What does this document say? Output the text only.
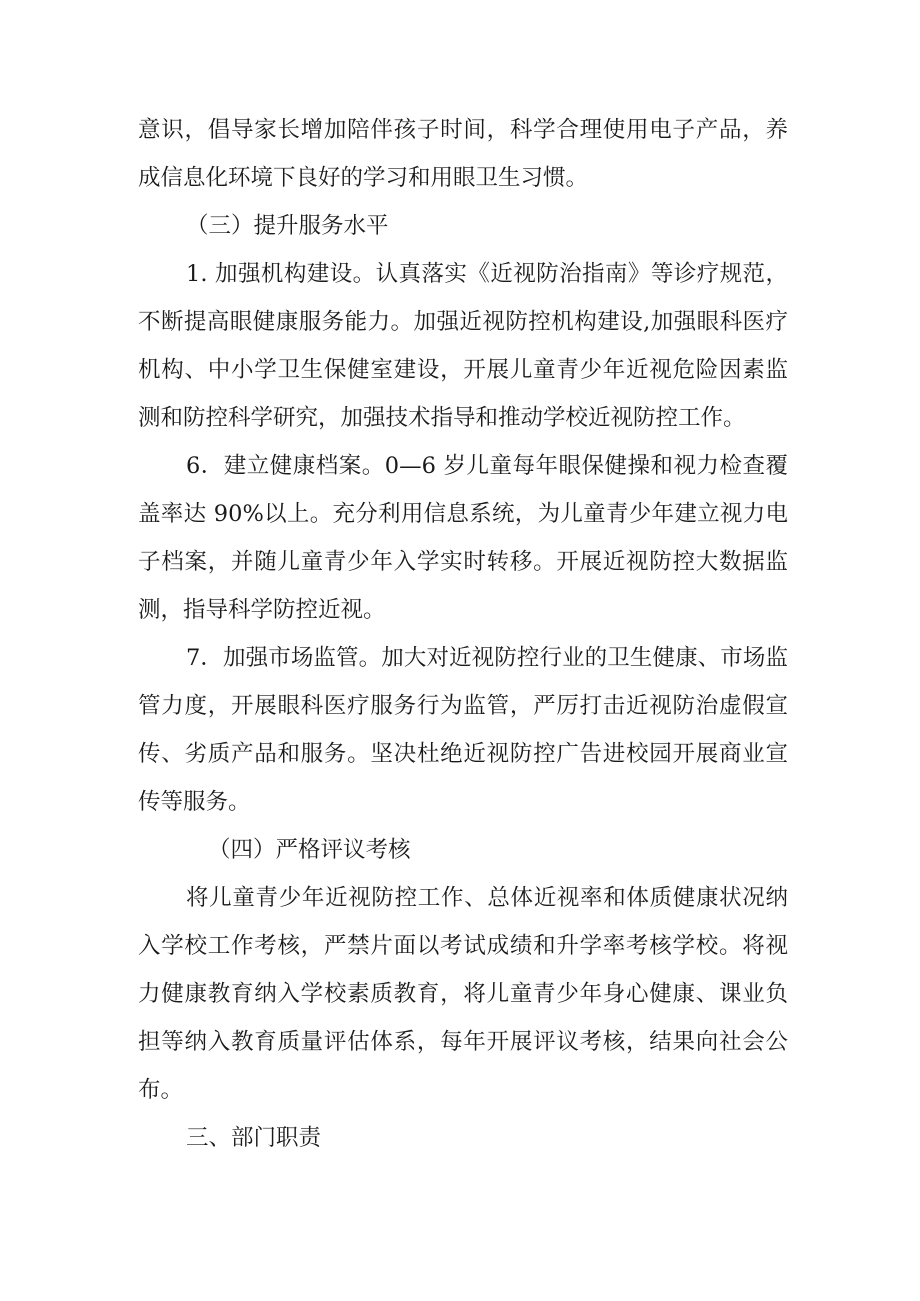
意识，倡导家长增加陪伴孩子时间，科学合理使用电子产品，养
成信息化环境下良好的学习和用眼卫生习惯。
（三）提升服务水平
1. 加强机构建设。认真落实《近视防治指南》等诊疗规范，
不断提高眼健康服务能力。加强近视防控机构建设,加强眼科医疗
机构、中小学卫生保健室建设，开展儿童青少年近视危险因素监
测和防控科学研究，加强技术指导和推动学校近视防控工作。
6．建立健康档案。0—6 岁儿童每年眼保健操和视力检查覆
盖率达 90%以上。充分利用信息系统，为儿童青少年建立视力电
子档案，并随儿童青少年入学实时转移。开展近视防控大数据监
测，指导科学防控近视。
7．加强市场监管。加大对近视防控行业的卫生健康、市场监
管力度，开展眼科医疗服务行为监管，严厉打击近视防治虚假宣
传、劣质产品和服务。坚决杜绝近视防控广告进校园开展商业宣
传等服务。
（四）严格评议考核
将儿童青少年近视防控工作、总体近视率和体质健康状况纳
入学校工作考核，严禁片面以考试成绩和升学率考核学校。将视
力健康教育纳入学校素质教育，将儿童青少年身心健康、课业负
担等纳入教育质量评估体系，每年开展评议考核，结果向社会公
布。
三、部门职责
